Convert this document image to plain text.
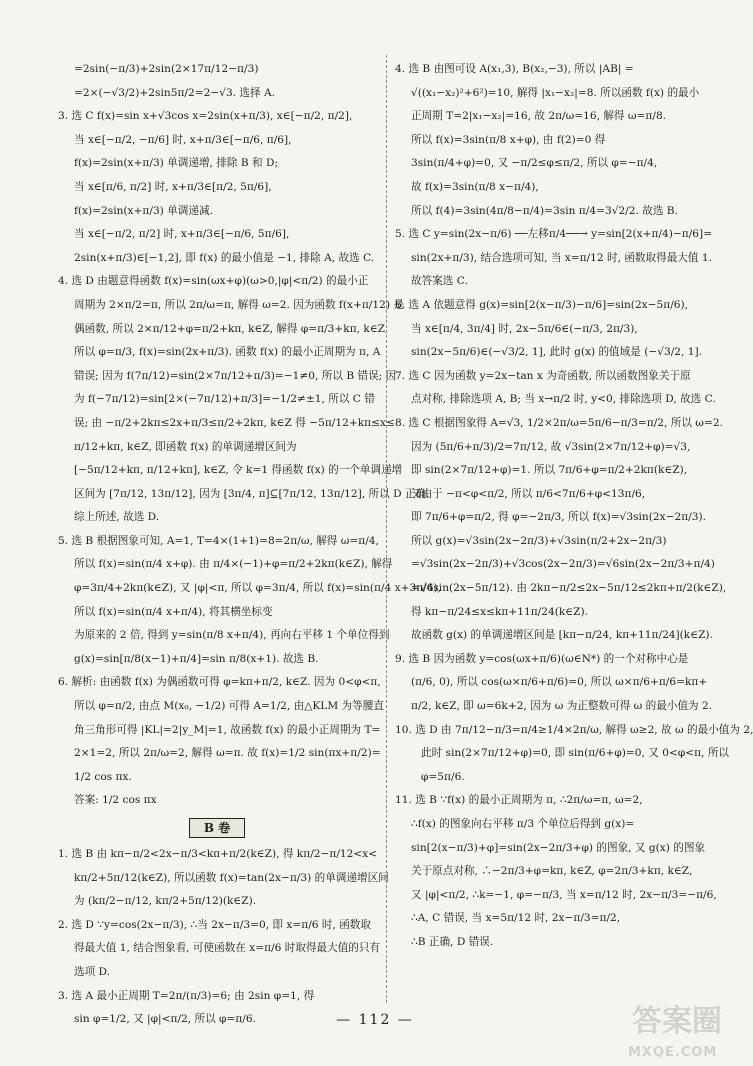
=2sin(−π/3)+2sin(2×17π/12−π/3)
=2×(−√3/2)+2sin5π/2=2−√3. 选择 A.
3. 选 C f(x)=sin x+√3cos x=2sin(x+π/3), x∈[−π/2, π/2],
当 x∈[−π/2, −π/6] 时, x+π/3∈[−π/6, π/6],
f(x)=2sin(x+π/3) 单调递增, 排除 B 和 D;
当 x∈[π/6, π/2] 时, x+π/3∈[π/2, 5π/6],
f(x)=2sin(x+π/3) 单调递减.
当 x∈[−π/2, π/2] 时, x+π/3∈[−π/6, 5π/6],
2sin(x+π/3)∈[−1,2], 即 f(x) 的最小值是 −1, 排除 A, 故选 C.
4. 选 D 由题意得函数 f(x)=sin(ωx+φ)(ω>0,|φ|<π/2) 的最小正
周期为 2×π/2=π, 所以 2π/ω=π, 解得 ω=2. 因为函数 f(x+π/12) 是
偶函数, 所以 2×π/12+φ=π/2+kπ, k∈Z, 解得 φ=π/3+kπ, k∈Z,
所以 φ=π/3, f(x)=sin(2x+π/3). 函数 f(x) 的最小正周期为 π, A
错误; 因为 f(7π/12)=sin(2×7π/12+π/3)=−1≠0, 所以 B 错误; 因
为 f(−7π/12)=sin[2×(−7π/12)+π/3]=−1/2≠±1, 所以 C 错
误; 由 −π/2+2kπ≤2x+π/3≤π/2+2kπ, k∈Z 得 −5π/12+kπ≤x≤
π/12+kπ, k∈Z, 即函数 f(x) 的单调递增区间为
[−5π/12+kπ, π/12+kπ], k∈Z, 令 k=1 得函数 f(x) 的一个单调递增
区间为 [7π/12, 13π/12], 因为 [3π/4, π]⊆[7π/12, 13π/12], 所以 D 正确.
综上所述, 故选 D.
5. 选 B 根据图象可知, A=1, T=4×(1+1)=8=2π/ω, 解得 ω=π/4,
所以 f(x)=sin(π/4 x+φ). 由 π/4×(−1)+φ=π/2+2kπ(k∈Z), 解得
φ=3π/4+2kπ(k∈Z), 又 |φ|<π, 所以 φ=3π/4, 所以 f(x)=sin(π/4 x+3π/4),
所以 f(x)=sin(π/4 x+π/4), 将其横坐标变
为原来的 2 倍, 得到 y=sin(π/8 x+π/4), 再向右平移 1 个单位得到
g(x)=sin[π/8(x−1)+π/4]=sin π/8(x+1). 故选 B.
6. 解析: 由函数 f(x) 为偶函数可得 φ=kπ+π/2, k∈Z. 因为 0<φ<π,
所以 φ=π/2, 由点 M(x₀, −1/2) 可得 A=1/2, 由△KLM 为等腰直
角三角形可得 |KL|=2|y_M|=1, 故函数 f(x) 的最小正周期为 T=
2×1=2, 所以 2π/ω=2, 解得 ω=π. 故 f(x)=1/2 sin(πx+π/2)=
1/2 cos πx.
答案: 1/2 cos πx
B 卷
1. 选 B 由 kπ−π/2<2x−π/3<kπ+π/2(k∈Z), 得 kπ/2−π/12<x<
kπ/2+5π/12(k∈Z), 所以函数 f(x)=tan(2x−π/3) 的单调递增区间
为 (kπ/2−π/12, kπ/2+5π/12)(k∈Z).
2. 选 D ∵y=cos(2x−π/3), ∴当 2x−π/3=0, 即 x=π/6 时, 函数取
得最大值 1, 结合图象看, 可使函数在 x=π/6 时取得最大值的只有
选项 D.
3. 选 A 最小正周期 T=2π/(π/3)=6; 由 2sin φ=1, 得
sin φ=1/2, 又 |φ|<π/2, 所以 φ=π/6.
4. 选 B 由图可设 A(x₁,3), B(x₂,−3), 所以 |AB| =
√((x₁−x₂)²+6²)=10, 解得 |x₁−x₂|=8. 所以函数 f(x) 的最小
正周期 T=2|x₁−x₂|=16, 故 2π/ω=16, 解得 ω=π/8.
所以 f(x)=3sin(π/8 x+φ), 由 f(2)=0 得
3sin(π/4+φ)=0, 又 −π/2≤φ≤π/2, 所以 φ=−π/4,
故 f(x)=3sin(π/8 x−π/4),
所以 f(4)=3sin(4π/8−π/4)=3sin π/4=3√2/2. 故选 B.
5. 选 C y=sin(2x−π/6) ──左移π/4──→ y=sin[2(x+π/4)−π/6]=
sin(2x+π/3), 结合选项可知, 当 x=π/12 时, 函数取得最大值 1.
故答案选 C.
6. 选 A 依题意得 g(x)=sin[2(x−π/3)−π/6]=sin(2x−5π/6),
当 x∈[π/4, 3π/4] 时, 2x−5π/6∈(−π/3, 2π/3),
sin(2x−5π/6)∈(−√3/2, 1], 此时 g(x) 的值域是 (−√3/2, 1].
7. 选 C 因为函数 y=2x−tan x 为奇函数, 所以函数图象关于原
点对称, 排除选项 A, B; 当 x→π/2 时, y<0, 排除选项 D, 故选 C.
8. 选 C 根据图象得 A=√3, 1/2×2π/ω=5π/6−π/3=π/2, 所以 ω=2.
因为 (5π/6+π/3)/2=7π/12, 故 √3sin(2×7π/12+φ)=√3,
即 sin(2×7π/12+φ)=1. 所以 7π/6+φ=π/2+2kπ(k∈Z),
又由于 −π<φ<π/2, 所以 π/6<7π/6+φ<13π/6,
即 7π/6+φ=π/2, 得 φ=−2π/3, 所以 f(x)=√3sin(2x−2π/3).
所以 g(x)=√3sin(2x−2π/3)+√3sin(π/2+2x−2π/3)
=√3sin(2x−2π/3)+√3cos(2x−2π/3)=√6sin(2x−2π/3+π/4)
=√6sin(2x−5π/12). 由 2kπ−π/2≤2x−5π/12≤2kπ+π/2(k∈Z),
得 kπ−π/24≤x≤kπ+11π/24(k∈Z).
故函数 g(x) 的单调递增区间是 [kπ−π/24, kπ+11π/24](k∈Z).
9. 选 B 因为函数 y=cos(ωx+π/6)(ω∈N*) 的一个对称中心是
(π/6, 0), 所以 cos(ω×π/6+π/6)=0, 所以 ω×π/6+π/6=kπ+
π/2, k∈Z, 即 ω=6k+2, 因为 ω 为正整数可得 ω 的最小值为 2.
10. 选 D 由 7π/12−π/3=π/4≥1/4×2π/ω, 解得 ω≥2, 故 ω 的最小值为 2,
此时 sin(2×7π/12+φ)=0, 即 sin(π/6+φ)=0, 又 0<φ<π, 所以
φ=5π/6.
11. 选 B ∵f(x) 的最小正周期为 π, ∴2π/ω=π, ω=2,
∴f(x) 的图象向右平移 π/3 个单位后得到 g(x)=
sin[2(x−π/3)+φ]=sin(2x−2π/3+φ) 的图象, 又 g(x) 的图象
关于原点对称, ∴−2π/3+φ=kπ, k∈Z, φ=2π/3+kπ, k∈Z,
又 |φ|<π/2, ∴k=−1, φ=−π/3, 当 x=π/12 时, 2x−π/3=−π/6,
∴A, C 错误, 当 x=5π/12 时, 2x−π/3=π/2,
∴B 正确, D 错误.
— 112 —	答案圈
MXQE.COM
